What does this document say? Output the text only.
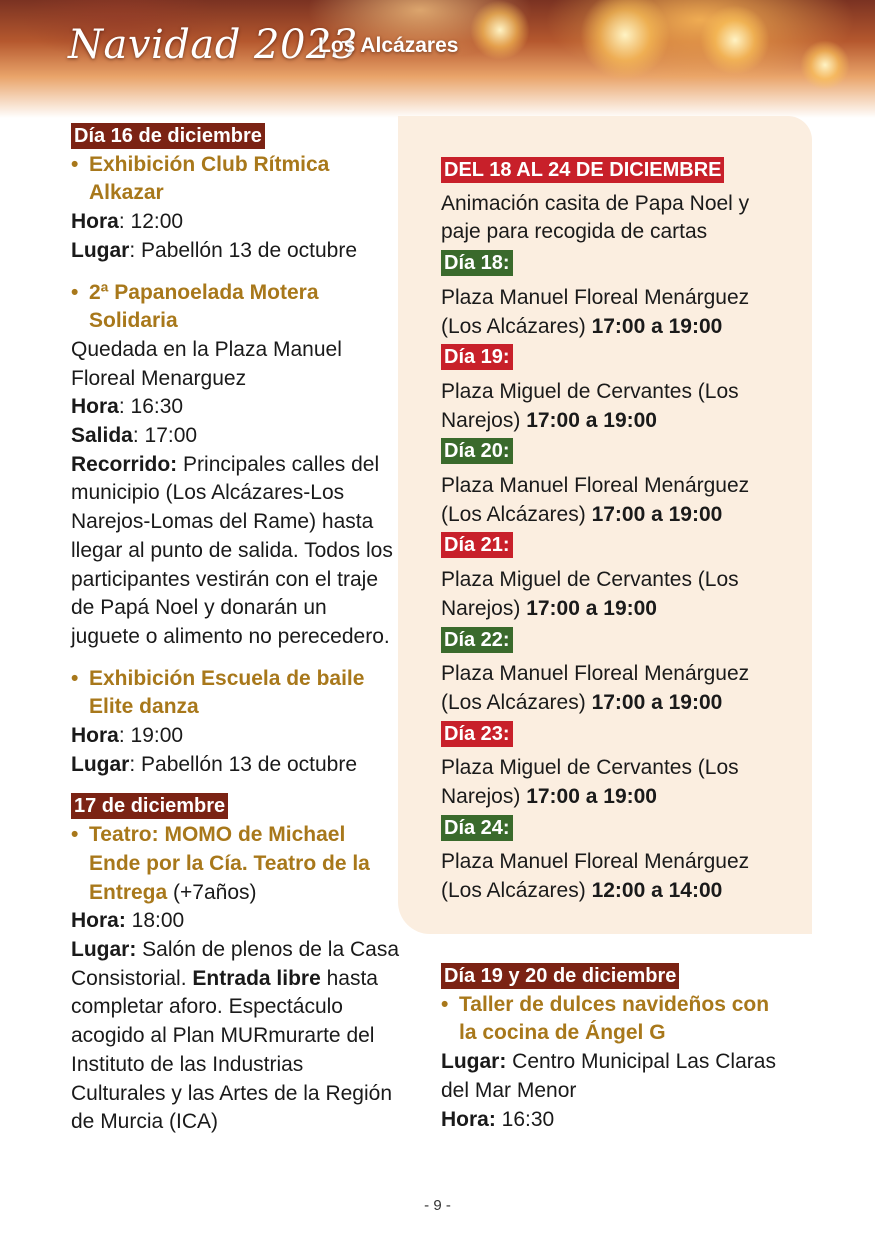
Navidad 2023
Los Alcázares
Día 16 de diciembre
• Exhibición Club Rítmica Alkazar
Hora: 12:00
Lugar: Pabellón 13 de octubre
• 2ª Papanoelada Motera Solidaria
Quedada en la Plaza Manuel Floreal Menarguez
Hora: 16:30
Salida: 17:00
Recorrido: Principales calles del municipio (Los Alcázares-Los Narejos-Lomas del Rame) hasta llegar al punto de salida. Todos los participantes vestirán con el traje de Papá Noel y donarán un juguete o alimento no perecedero.
• Exhibición Escuela de baile Elite danza
Hora: 19:00
Lugar: Pabellón 13 de octubre
17 de diciembre
• Teatro: MOMO de Michael Ende por la Cía. Teatro de la Entrega (+7años)
Hora: 18:00
Lugar: Salón de plenos de la Casa Consistorial. Entrada libre hasta completar aforo. Espectáculo acogido al Plan MURmurarte del Instituto de las Industrias Culturales y las Artes de la Región de Murcia (ICA)
DEL 18 AL 24 DE DICIEMBRE
Animación casita de Papa Noel y paje para recogida de cartas
Día 18:
Plaza Manuel Floreal Menárguez (Los Alcázares) 17:00 a 19:00
Día 19:
Plaza Miguel de Cervantes (Los Narejos) 17:00 a 19:00
Día 20:
Plaza Manuel Floreal Menárguez (Los Alcázares) 17:00 a 19:00
Día 21:
Plaza Miguel de Cervantes (Los Narejos) 17:00 a 19:00
Día 22:
Plaza Manuel Floreal Menárguez (Los Alcázares) 17:00 a 19:00
Día 23:
Plaza Miguel de Cervantes (Los Narejos) 17:00 a 19:00
Día 24:
Plaza Manuel Floreal Menárguez (Los Alcázares) 12:00 a 14:00
Día 19 y 20 de diciembre
• Taller de dulces navideños con la cocina de Ángel G
Lugar: Centro Municipal Las Claras del Mar Menor
Hora: 16:30
- 9 -
